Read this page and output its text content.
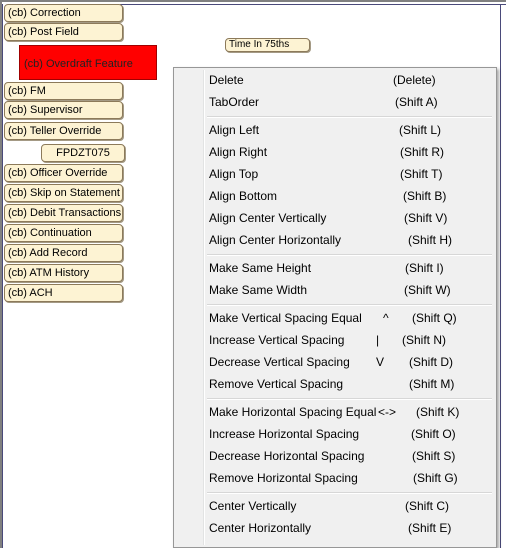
(cb) Correction
(cb) Post Field
(cb) Overdraft Feature
(cb) FM
(cb) Supervisor
(cb) Teller Override
FPDZT075
(cb) Officer Override
(cb) Skip on Statement
(cb) Debit Transactions
(cb) Continuation
(cb) Add Record
(cb) ATM History
(cb) ACH
Time In 75ths
Delete	(Delete)
TabOrder	(Shift A)
Align Left	(Shift L)
Align Right	(Shift R)
Align Top	(Shift T)
Align Bottom	(Shift B)
Align Center Vertically	(Shift V)
Align Center Horizontally	(Shift H)
Make Same Height	(Shift I)
Make Same Width	(Shift W)
Make Vertical Spacing Equal ^ (Shift Q)
Increase Vertical Spacing	| (Shift N)
Decrease Vertical Spacing V (Shift D)
Remove Vertical Spacing	(Shift M)
Make Horizontal Spacing Equal <-> (Shift K)
Increase Horizontal Spacing	(Shift O)
Decrease Horizontal Spacing	(Shift S)
Remove Horizontal Spacing	(Shift G)
Center Vertically	(Shift C)
Center Horizontally	(Shift E)
